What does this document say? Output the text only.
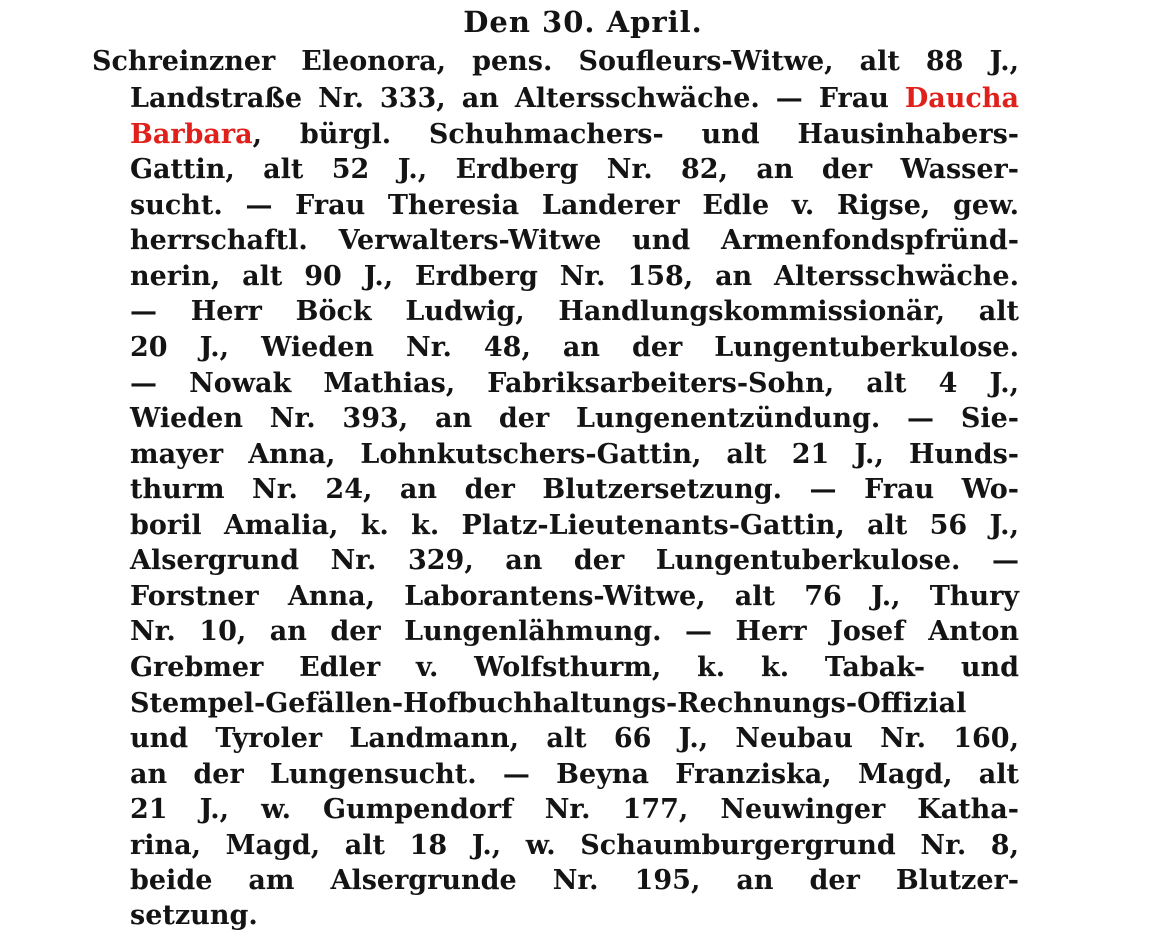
Den 30. April.
Schreinzner Eleonora, pens. Soufleurs-Witwe, alt 88 J.,
Landstraße Nr. 333, an Altersschwäche. — Frau Daucha
Barbara, bürgl. Schuhmachers- und Hausinhabers-
Gattin, alt 52 J., Erdberg Nr. 82, an der Wasser-
sucht. — Frau Theresia Landerer Edle v. Rigse, gew.
herrschaftl. Verwalters-Witwe und Armenfondspfründ-
nerin, alt 90 J., Erdberg Nr. 158, an Altersschwäche.
— Herr Böck Ludwig, Handlungskommissionär, alt
20 J., Wieden Nr. 48, an der Lungentuberkulose.
— Nowak Mathias, Fabriksarbeiters-Sohn, alt 4 J.,
Wieden Nr. 393, an der Lungenentzündung. — Sie-
mayer Anna, Lohnkutschers-Gattin, alt 21 J., Hunds-
thurm Nr. 24, an der Blutzersetzung. — Frau Wo-
boril Amalia, k. k. Platz-Lieutenants-Gattin, alt 56 J.,
Alsergrund Nr. 329, an der Lungentuberkulose. —
Forstner Anna, Laborantens-Witwe, alt 76 J., Thury
Nr. 10, an der Lungenlähmung. — Herr Josef Anton
Grebmer Edler v. Wolfsthurm, k. k. Tabak- und
Stempel-Gefällen-Hofbuchhaltungs-Rechnungs-Offizial
und Tyroler Landmann, alt 66 J., Neubau Nr. 160,
an der Lungensucht. — Beyna Franziska, Magd, alt
21 J., w. Gumpendorf Nr. 177, Neuwinger Katha-
rina, Magd, alt 18 J., w. Schaumburgergrund Nr. 8,
beide am Alsergrunde Nr. 195, an der Blutzer-
setzung.
